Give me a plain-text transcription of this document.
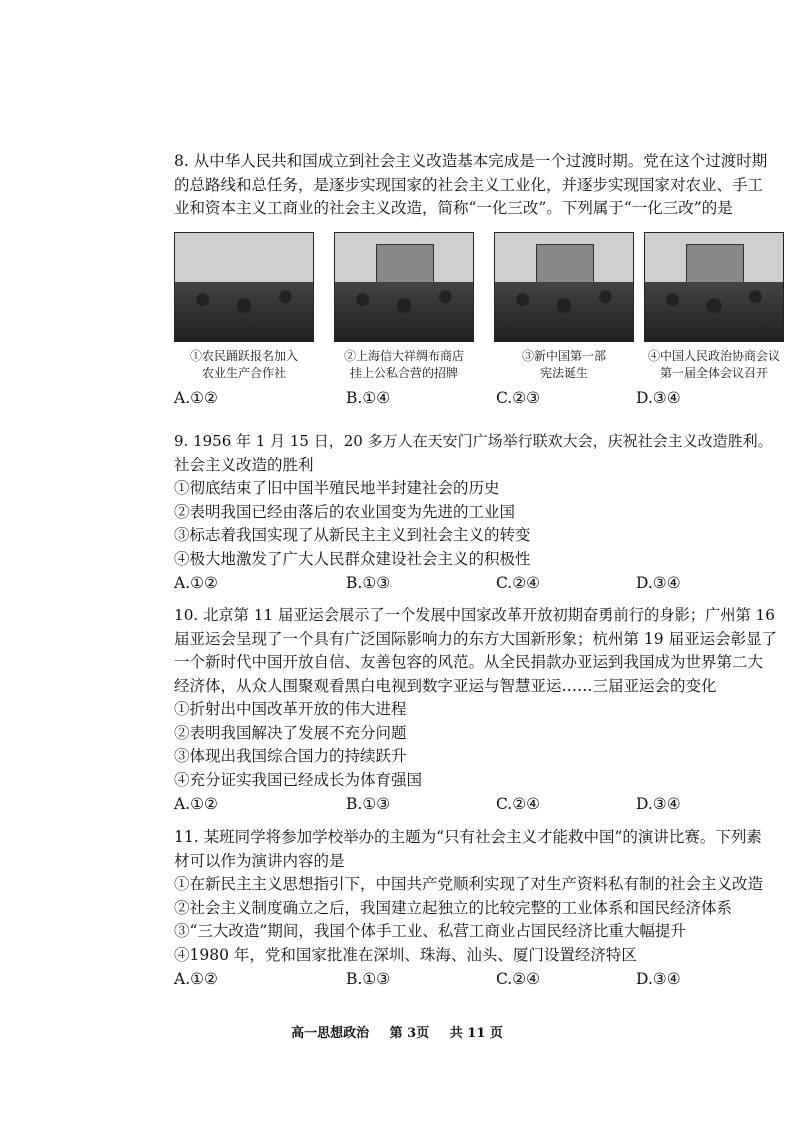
8. 从中华人民共和国成立到社会主义改造基本完成是一个过渡时期。党在这个过渡时期

的总路线和总任务，是逐步实现国家的社会主义工业化，并逐步实现国家对农业、手工

业和资本主义工商业的社会主义改造，简称“一化三改”。下列属于“一化三改”的是

①农民踊跃报名加入
农业生产合作社
②上海信大祥绸布商店
挂上公私合营的招牌
③新中国第一部
宪法诞生
④中国人民政治协商会议
第一届全体会议召开
A.①②	B.①④	C.②③	D.③④

9. 1956 年 1 月 15 日，20 多万人在天安门广场举行联欢大会，庆祝社会主义改造胜利。

社会主义改造的胜利

①彻底结束了旧中国半殖民地半封建社会的历史

②表明我国已经由落后的农业国变为先进的工业国

③标志着我国实现了从新民主主义到社会主义的转变

④极大地激发了广大人民群众建设社会主义的积极性

A.①②	B.①③	C.②④	D.③④

10. 北京第 11 届亚运会展示了一个发展中国家改革开放初期奋勇前行的身影；广州第 16

届亚运会呈现了一个具有广泛国际影响力的东方大国新形象；杭州第 19 届亚运会彰显了

一个新时代中国开放自信、友善包容的风范。从全民捐款办亚运到我国成为世界第二大

经济体，从众人围聚观看黑白电视到数字亚运与智慧亚运……三届亚运会的变化

①折射出中国改革开放的伟大进程

②表明我国解决了发展不充分问题

③体现出我国综合国力的持续跃升

④充分证实我国已经成长为体育强国

A.①②	B.①③	C.②④	D.③④

11. 某班同学将参加学校举办的主题为“只有社会主义才能救中国”的演讲比赛。下列素

材可以作为演讲内容的是

①在新民主主义思想指引下，中国共产党顺利实现了对生产资料私有制的社会主义改造

②社会主义制度确立之后，我国建立起独立的比较完整的工业体系和国民经济体系

③“三大改造”期间，我国个体手工业、私营工商业占国民经济比重大幅提升

④1980 年，党和国家批准在深圳、珠海、汕头、厦门设置经济特区

A.①②	B.①③	C.②④	D.③④
高一思想政治 第 3页 共 11 页
